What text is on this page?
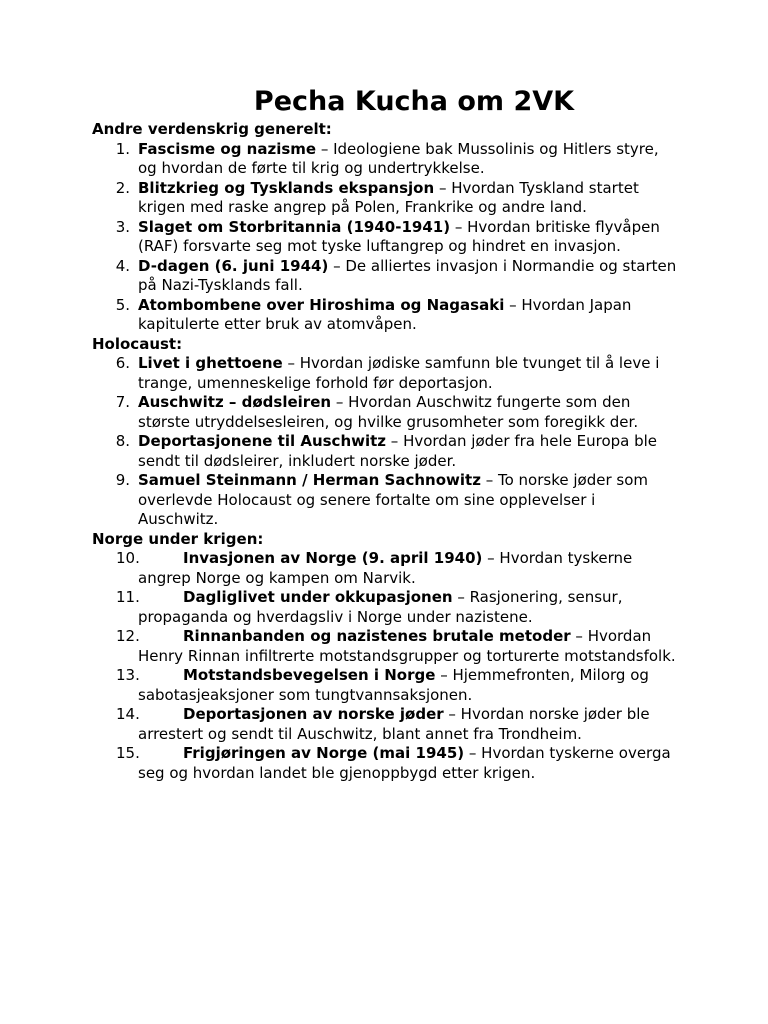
Pecha Kucha om 2VK
Andre verdenskrig generelt:
1. Fascisme og nazisme – Ideologiene bak Mussolinis og Hitlers styre, og hvordan de førte til krig og undertrykkelse.
2. Blitzkrieg og Tysklands ekspansjon – Hvordan Tyskland startet krigen med raske angrep på Polen, Frankrike og andre land.
3. Slaget om Storbritannia (1940-1941) – Hvordan britiske flyvåpen (RAF) forsvarte seg mot tyske luftangrep og hindret en invasjon.
4. D-dagen (6. juni 1944) – De alliertes invasjon i Normandie og starten på Nazi-Tysklands fall.
5. Atombombene over Hiroshima og Nagasaki – Hvordan Japan kapitulerte etter bruk av atomvåpen.
Holocaust:
6. Livet i ghettoene – Hvordan jødiske samfunn ble tvunget til å leve i trange, umenneskelige forhold før deportasjon.
7. Auschwitz – dødsleiren – Hvordan Auschwitz fungerte som den største utryddelsesleiren, og hvilke grusomheter som foregikk der.
8. Deportasjonene til Auschwitz – Hvordan jøder fra hele Europa ble sendt til dødsleirer, inkludert norske jøder.
9. Samuel Steinmann / Herman Sachnowitz – To norske jøder som overlevde Holocaust og senere fortalte om sine opplevelser i Auschwitz.
Norge under krigen:
10.	Invasjonen av Norge (9. april 1940) – Hvordan tyskerne angrep Norge og kampen om Narvik.
11.	Dagliglivet under okkupasjonen – Rasjonering, sensur, propaganda og hverdagsliv i Norge under nazistene.
12.	Rinnanbanden og nazistenes brutale metoder – Hvordan Henry Rinnan infiltrerte motstandsgrupper og torturerte motstandsfolk.
13.	Motstandsbevegelsen i Norge – Hjemmefronten, Milorg og sabotasjeaksjoner som tungtvannsaksjonen.
14.	Deportasjonen av norske jøder – Hvordan norske jøder ble arrestert og sendt til Auschwitz, blant annet fra Trondheim.
15.	Frigjøringen av Norge (mai 1945) – Hvordan tyskerne overga seg og hvordan landet ble gjenoppbygd etter krigen.
